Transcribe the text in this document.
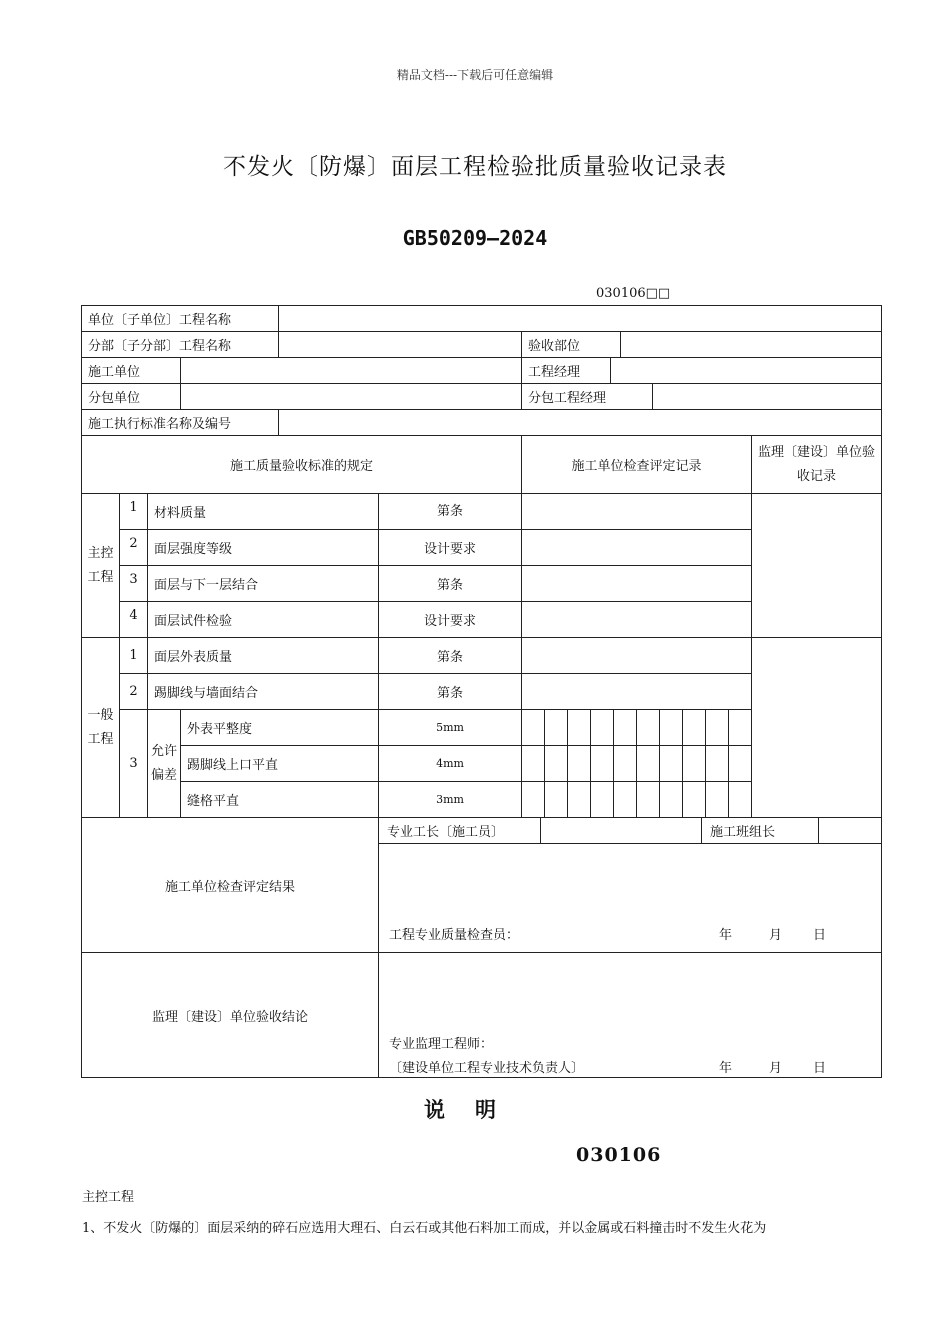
精品文档---下载后可任意编辑
不发火〔防爆〕面层工程检验批质量验收记录表
GB50209—2024
030106□□
单位〔子单位〕工程名称	
分部〔子分部〕工程名称			验收部位	

施工单位			工程经理	

分包单位			分包工程经理	

施工执行标准名称及编号	
施工质量验收标准的规定	施工单位检查评定记录	监理〔建设〕单位验收记录
主控工程	1	材料质量	第条		
2	面层强度等级	设计要求	
3	面层与下一层结合	第条	
4	面层试件检验	设计要求	
一般工程	1	面层外表质量	第条		
2	踢脚线与墙面结合	第条	
3	允许偏差	外表平整度	5mm	

踢脚线上口平直	4mm	

缝格平直	3mm	

施工单位检查评定结果	
专业工长〔施工员〕		施工班组长	

工程专业质量检查员：	年	月 日

监理〔建设〕单位验收结论	
专业监理工程师：
〔建设单位工程专业技术负责人〕	年	月 日
说明
030106
主控工程
1、不发火〔防爆的〕面层采纳的碎石应选用大理石、白云石或其他石料加工而成，并以金属或石料撞击时不发生火花为
